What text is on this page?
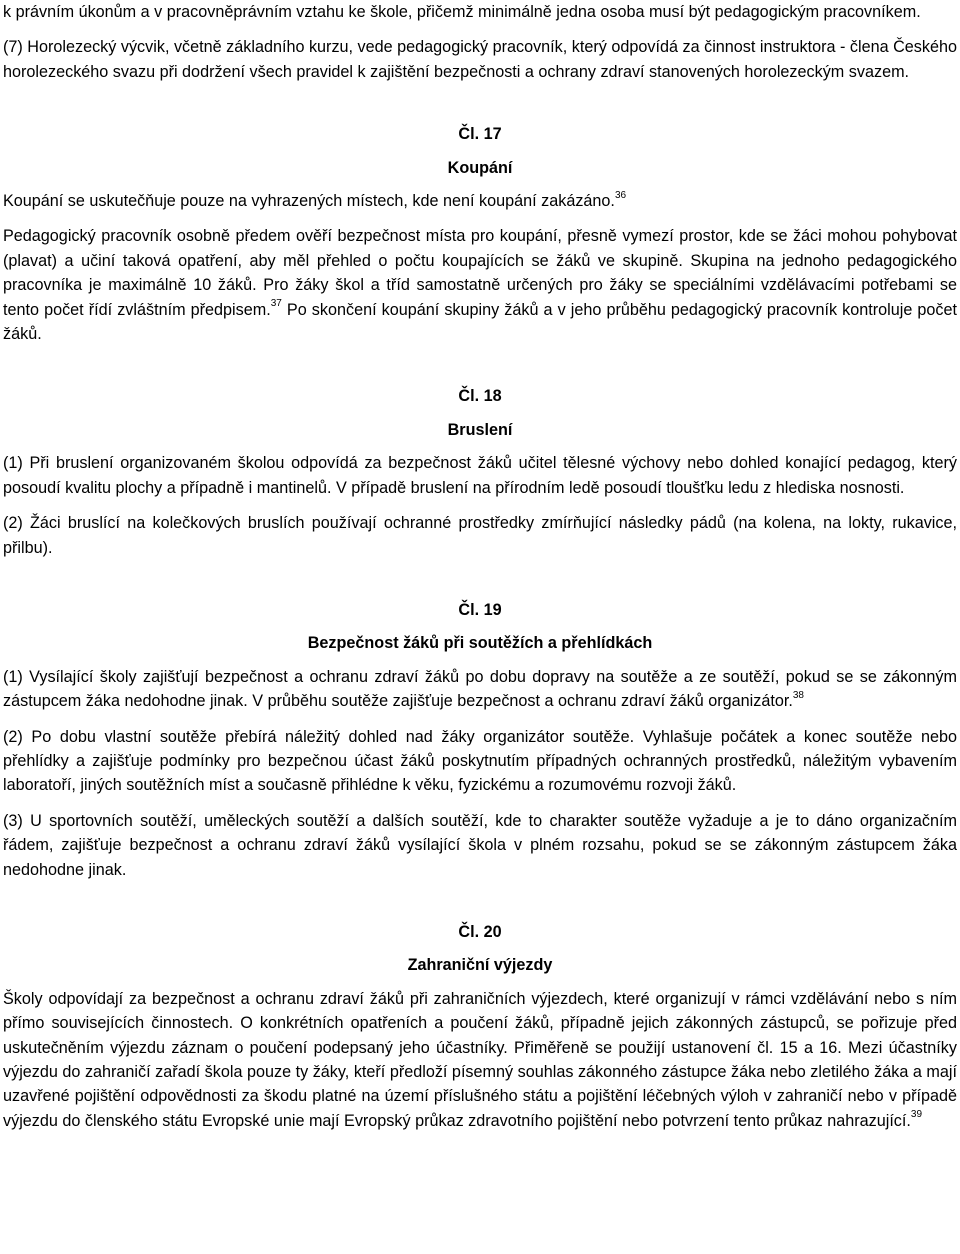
k právním úkonům a v pracovněprávním vztahu ke škole, přičemž minimálně jedna osoba musí být pedagogickým pracovníkem.

(7) Horolezecký výcvik, včetně základního kurzu, vede pedagogický pracovník, který odpovídá za činnost instruktora - člena Českého horolezeckého svazu při dodržení všech pravidel k zajištění bezpečnosti a ochrany zdraví stanovených horolezeckým svazem.

Čl. 17
Koupání

Koupání se uskutečňuje pouze na vyhrazených místech, kde není koupání zakázáno.$^{36}$

Pedagogický pracovník osobně předem ověří bezpečnost místa pro koupání, přesně vymezí prostor, kde se žáci mohou pohybovat (plavat) a učiní taková opatření, aby měl přehled o počtu koupajících se žáků ve skupině. Skupina na jednoho pedagogického pracovníka je maximálně 10 žáků. Pro žáky škol a tříd samostatně určených pro žáky se speciálními vzdělávacími potřebami se tento počet řídí zvláštním předpisem.$^{37}$ Po skončení koupání skupiny žáků a v jeho průběhu pedagogický pracovník kontroluje počet žáků.

Čl. 18
Bruslení

(1) Při bruslení organizovaném školou odpovídá za bezpečnost žáků učitel tělesné výchovy nebo dohled konající pedagog, který posoudí kvalitu plochy a případně i mantinelů. V případě bruslení na přírodním ledě posoudí tloušťku ledu z hlediska nosnosti.

(2) Žáci bruslící na kolečkových bruslích používají ochranné prostředky zmírňující následky pádů (na kolena, na lokty, rukavice, přilbu).

Čl. 19
Bezpečnost žáků při soutěžích a přehlídkách

(1) Vysílající školy zajišťují bezpečnost a ochranu zdraví žáků po dobu dopravy na soutěže a ze soutěží, pokud se se zákonným zástupcem žáka nedohodne jinak. V průběhu soutěže zajišťuje bezpečnost a ochranu zdraví žáků organizátor.$^{38}$

(2) Po dobu vlastní soutěže přebírá náležitý dohled nad žáky organizátor soutěže. Vyhlašuje počátek a konec soutěže nebo přehlídky a zajišťuje podmínky pro bezpečnou účast žáků poskytnutím případných ochranných prostředků, náležitým vybavením laboratoří, jiných soutěžních míst a současně přihlédne k věku, fyzickému a rozumovému rozvoji žáků.

(3) U sportovních soutěží, uměleckých soutěží a dalších soutěží, kde to charakter soutěže vyžaduje a je to dáno organizačním řádem, zajišťuje bezpečnost a ochranu zdraví žáků vysílající škola v plném rozsahu, pokud se se zákonným zástupcem žáka nedohodne jinak.

Čl. 20
Zahraniční výjezdy

Školy odpovídají za bezpečnost a ochranu zdraví žáků při zahraničních výjezdech, které organizují v rámci vzdělávání nebo s ním přímo souvisejících činnostech. O konkrétních opatřeních a poučení žáků, případně jejich zákonných zástupců, se pořizuje před uskutečněním výjezdu záznam o poučení podepsaný jeho účastníky. Přiměřeně se použijí ustanovení čl. 15 a 16. Mezi účastníky výjezdu do zahraničí zařadí škola pouze ty žáky, kteří předloží písemný souhlas zákonného zástupce žáka nebo zletilého žáka a mají uzavřené pojištění odpovědnosti za škodu platné na území příslušného státu a pojištění léčebných výloh v zahraničí nebo v případě výjezdu do členského státu Evropské unie mají Evropský průkaz zdravotního pojištění nebo potvrzení tento průkaz nahrazující.$^{39}$
